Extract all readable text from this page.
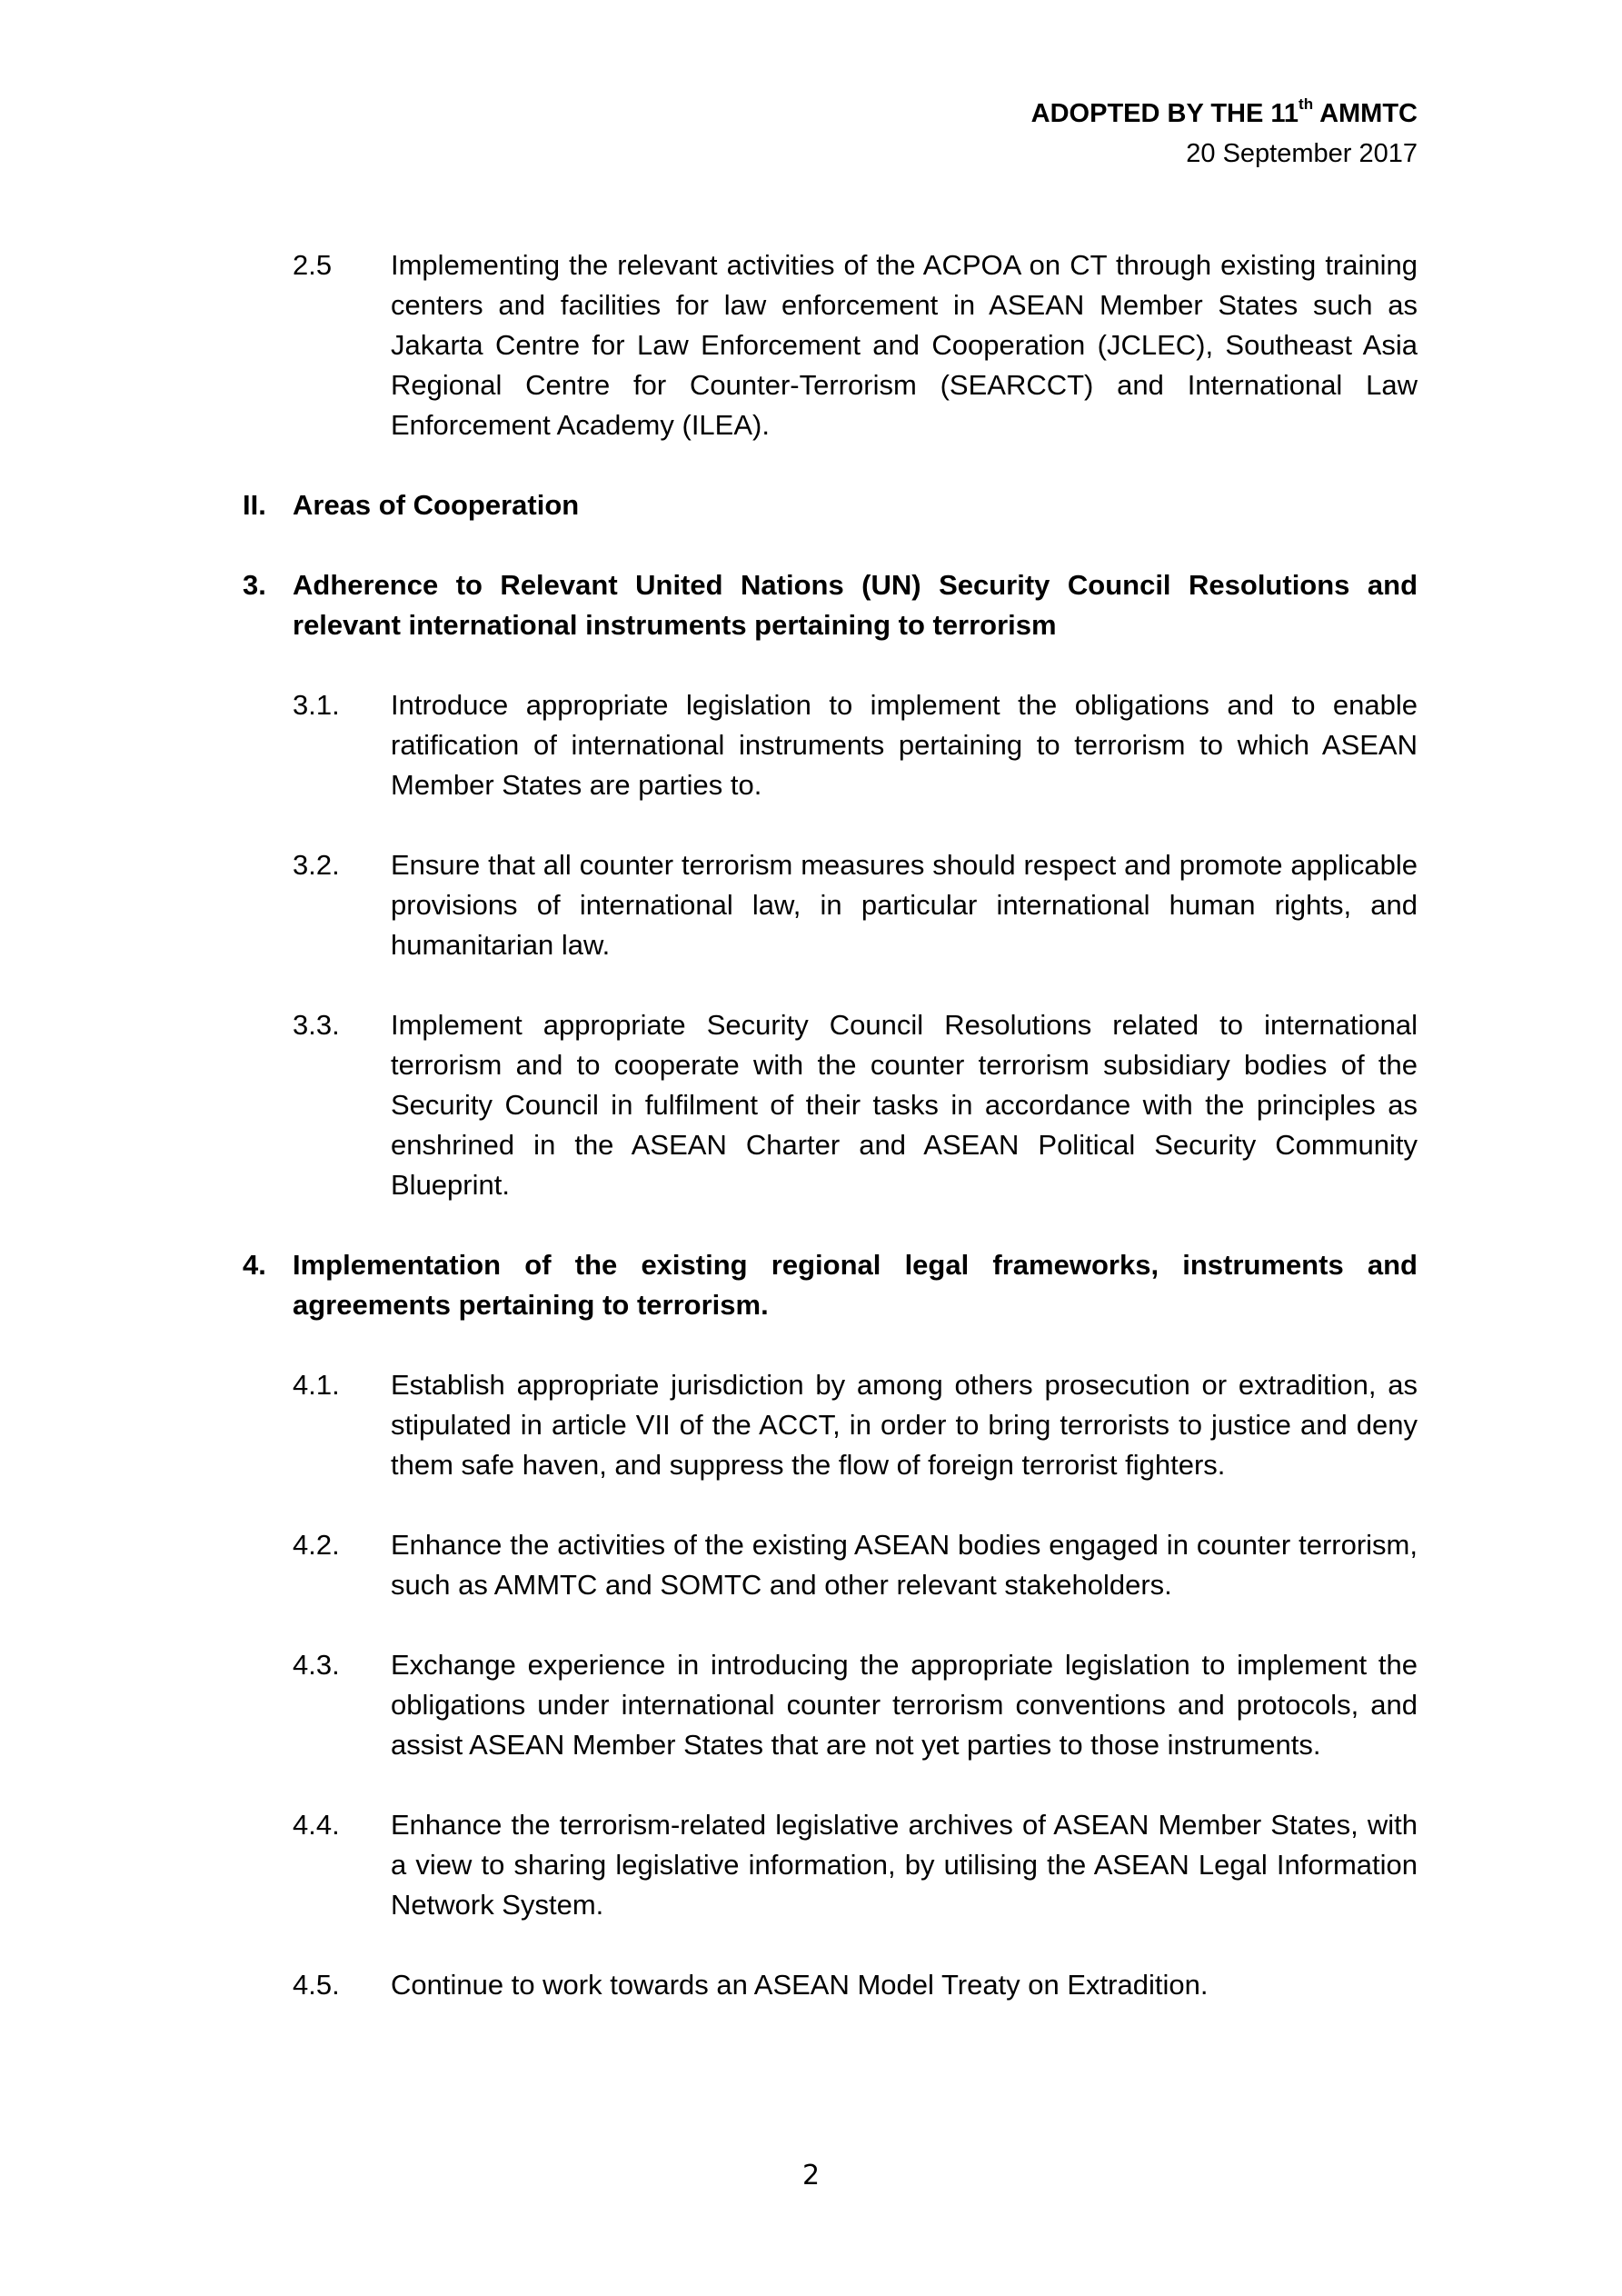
ADOPTED BY THE 11th AMMTC
20 September 2017
2.5	Implementing the relevant activities of the ACPOA on CT through existing training centers and facilities for law enforcement in ASEAN Member States such as Jakarta Centre for Law Enforcement and Cooperation (JCLEC), Southeast Asia Regional Centre for Counter-Terrorism (SEARCCT) and International Law Enforcement Academy (ILEA).
II. Areas of Cooperation
3. Adherence to Relevant United Nations (UN) Security Council Resolutions and relevant international instruments pertaining to terrorism
3.1.	Introduce appropriate legislation to implement the obligations and to enable ratification of international instruments pertaining to terrorism to which ASEAN Member States are parties to.
3.2.	Ensure that all counter terrorism measures should respect and promote applicable provisions of international law, in particular international human rights, and humanitarian law.
3.3.	Implement appropriate Security Council Resolutions related to international terrorism and to cooperate with the counter terrorism subsidiary bodies of the Security Council in fulfilment of their tasks in accordance with the principles as enshrined in the ASEAN Charter and ASEAN Political Security Community Blueprint.
4. Implementation of the existing regional legal frameworks, instruments and agreements pertaining to terrorism.
4.1.	Establish appropriate jurisdiction by among others prosecution or extradition, as stipulated in article VII of the ACCT, in order to bring terrorists to justice and deny them safe haven, and suppress the flow of foreign terrorist fighters.
4.2.	Enhance the activities of the existing ASEAN bodies engaged in counter terrorism, such as AMMTC and SOMTC and other relevant stakeholders.
4.3.	Exchange experience in introducing the appropriate legislation to implement the obligations under international counter terrorism conventions and protocols, and assist ASEAN Member States that are not yet parties to those instruments.
4.4.	Enhance the terrorism-related legislative archives of ASEAN Member States, with a view to sharing legislative information, by utilising the ASEAN Legal Information Network System.
4.5.	Continue to work towards an ASEAN Model Treaty on Extradition.
2
